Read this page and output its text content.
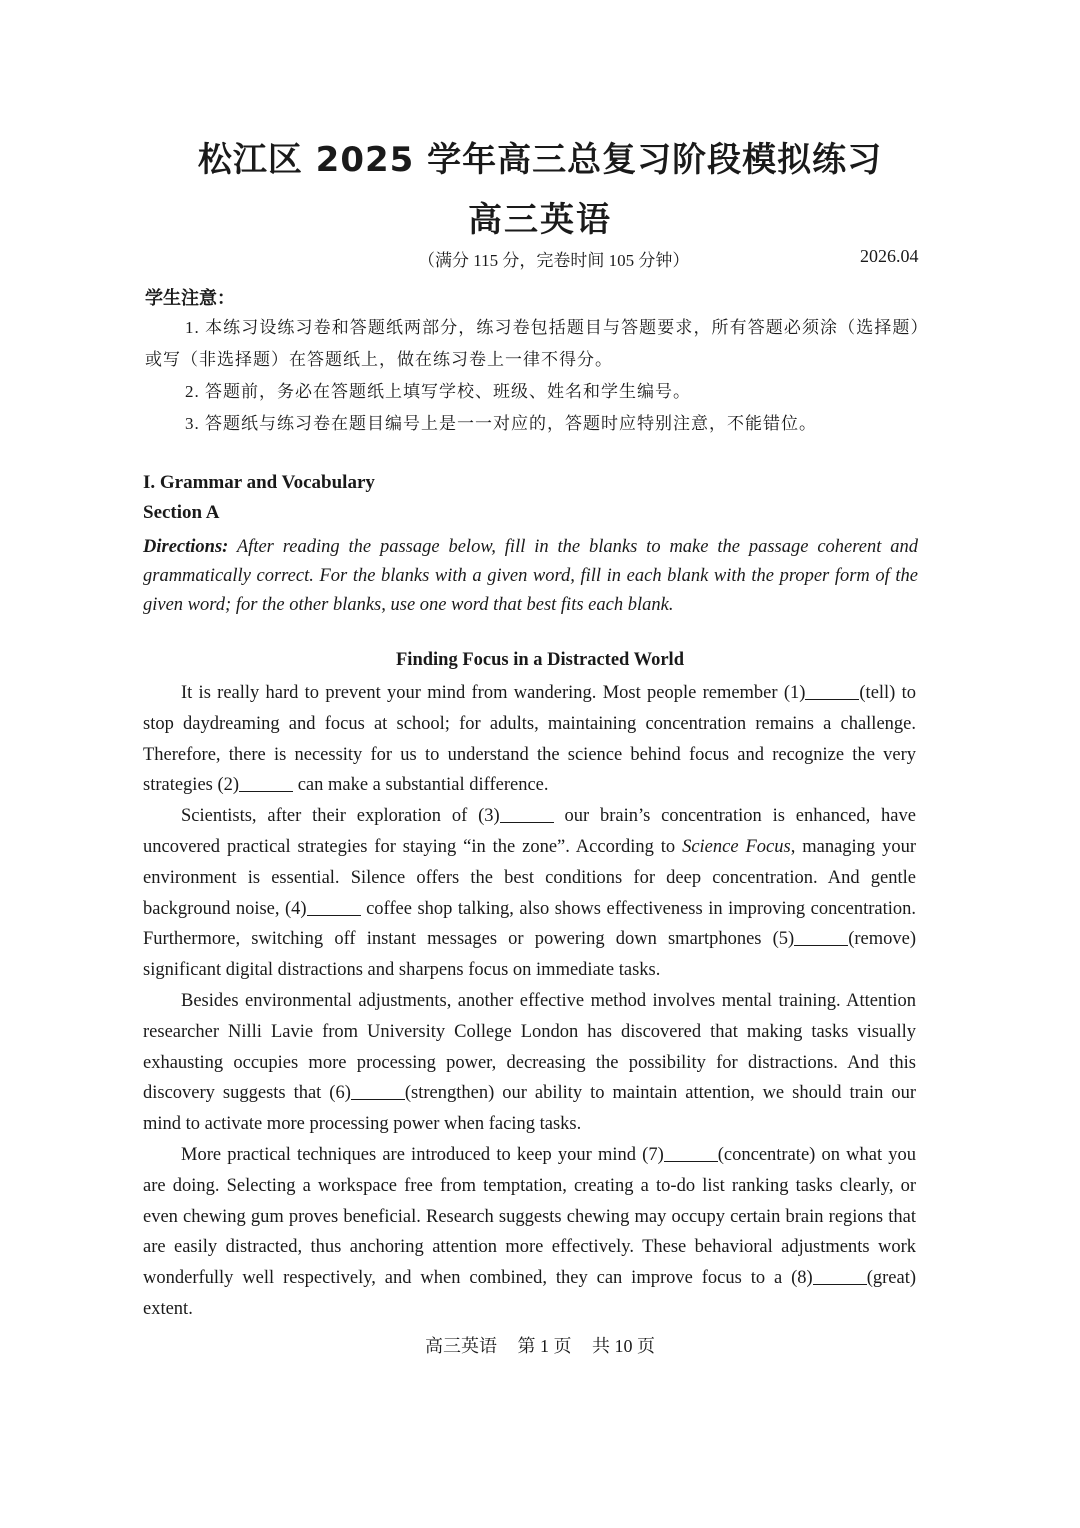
松江区 2025 学年高三总复习阶段模拟练习
高三英语
（满分 115 分，完卷时间 105 分钟）	2026.04
学生注意：

1. 本练习设练习卷和答题纸两部分，练习卷包括题目与答题要求，所有答题必须涂（选择题）或写（非选择题）在答题纸上，做在练习卷上一律不得分。

2. 答题前，务必在答题纸上填写学校、班级、姓名和学生编号。

3. 答题纸与练习卷在题目编号上是一一对应的，答题时应特别注意，不能错位。

I. Grammar and Vocabulary
Section A
Directions: After reading the passage below, fill in the blanks to make the passage coherent and grammatically correct. For the blanks with a given word, fill in each blank with the proper form of the given word; for the other blanks, use one word that best fits each blank.
Finding Focus in a Distracted World

It is really hard to prevent your mind from wandering. Most people remember (1)	(tell) to stop daydreaming and focus at school; for adults, maintaining concentration remains a challenge. Therefore, there is necessity for us to understand the science behind focus and recognize the very strategies (2)	can make a substantial difference.

Scientists, after their exploration of (3)	our brain’s concentration is enhanced, have uncovered practical strategies for staying “in the zone”. According to Science Focus, managing your environment is essential. Silence offers the best conditions for deep concentration. And gentle background noise, (4)	coffee shop talking, also shows effectiveness in improving concentration. Furthermore, switching off instant messages or powering down smartphones (5)	(remove) significant digital distractions and sharpens focus on immediate tasks.

Besides environmental adjustments, another effective method involves mental training. Attention researcher Nilli Lavie from University College London has discovered that making tasks visually exhausting occupies more processing power, decreasing the possibility for distractions. And this discovery suggests that (6)	(strengthen) our ability to maintain attention, we should train our mind to activate more processing power when facing tasks.

More practical techniques are introduced to keep your mind (7)	(concentrate) on what you are doing. Selecting a workspace free from temptation, creating a to-do list ranking tasks clearly, or even chewing gum proves beneficial. Research suggests chewing may occupy certain brain regions that are easily distracted, thus anchoring attention more effectively. These behavioral adjustments work wonderfully well respectively, and when combined, they can improve focus to a (8)	(great) extent.

高三英语 第 1 页 共 10 页
